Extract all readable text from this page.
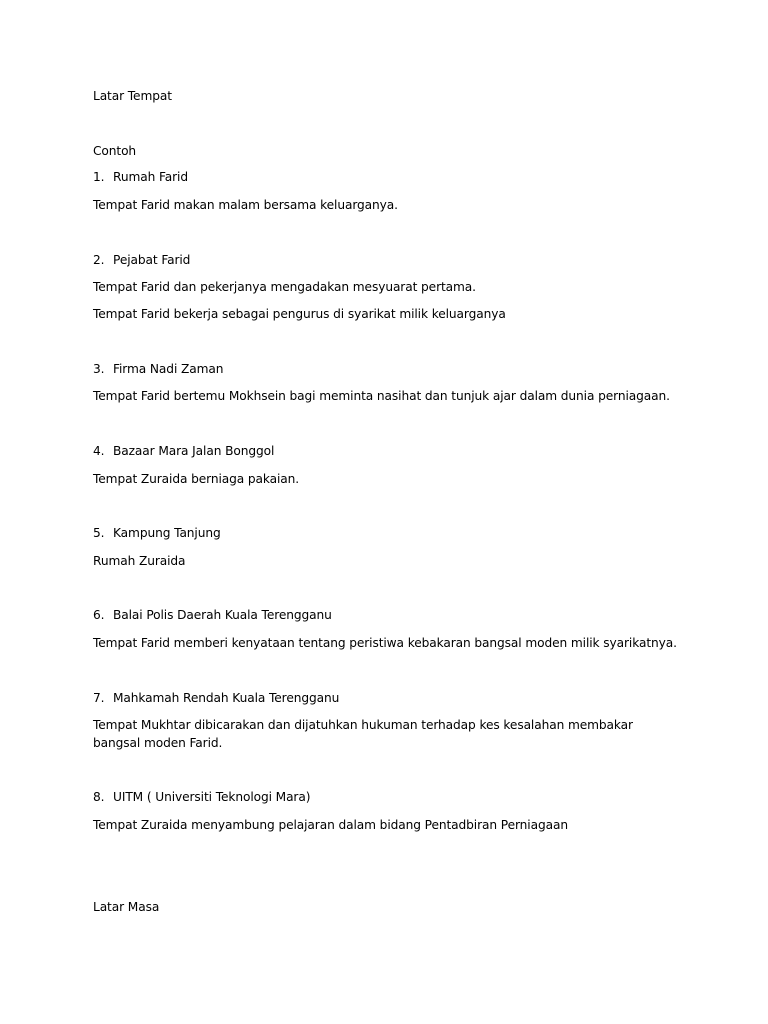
Latar Tempat
Contoh
1. Rumah Farid
Tempat Farid makan malam bersama keluarganya.
2. Pejabat Farid
Tempat Farid dan pekerjanya mengadakan mesyuarat pertama.
Tempat Farid bekerja sebagai pengurus di syarikat milik keluarganya
3. Firma Nadi Zaman
Tempat Farid bertemu Mokhsein bagi meminta nasihat dan tunjuk ajar dalam dunia perniagaan.
4. Bazaar Mara Jalan Bonggol
Tempat Zuraida berniaga pakaian.
5. Kampung Tanjung
Rumah Zuraida
6. Balai Polis Daerah Kuala Terengganu
Tempat Farid memberi kenyataan tentang peristiwa kebakaran bangsal moden milik syarikatnya.
7. Mahkamah Rendah Kuala Terengganu
Tempat Mukhtar dibicarakan dan dijatuhkan hukuman terhadap kes kesalahan membakar bangsal moden Farid.
8. UITM ( Universiti Teknologi Mara)
Tempat Zuraida menyambung pelajaran dalam bidang Pentadbiran Perniagaan
Latar Masa
